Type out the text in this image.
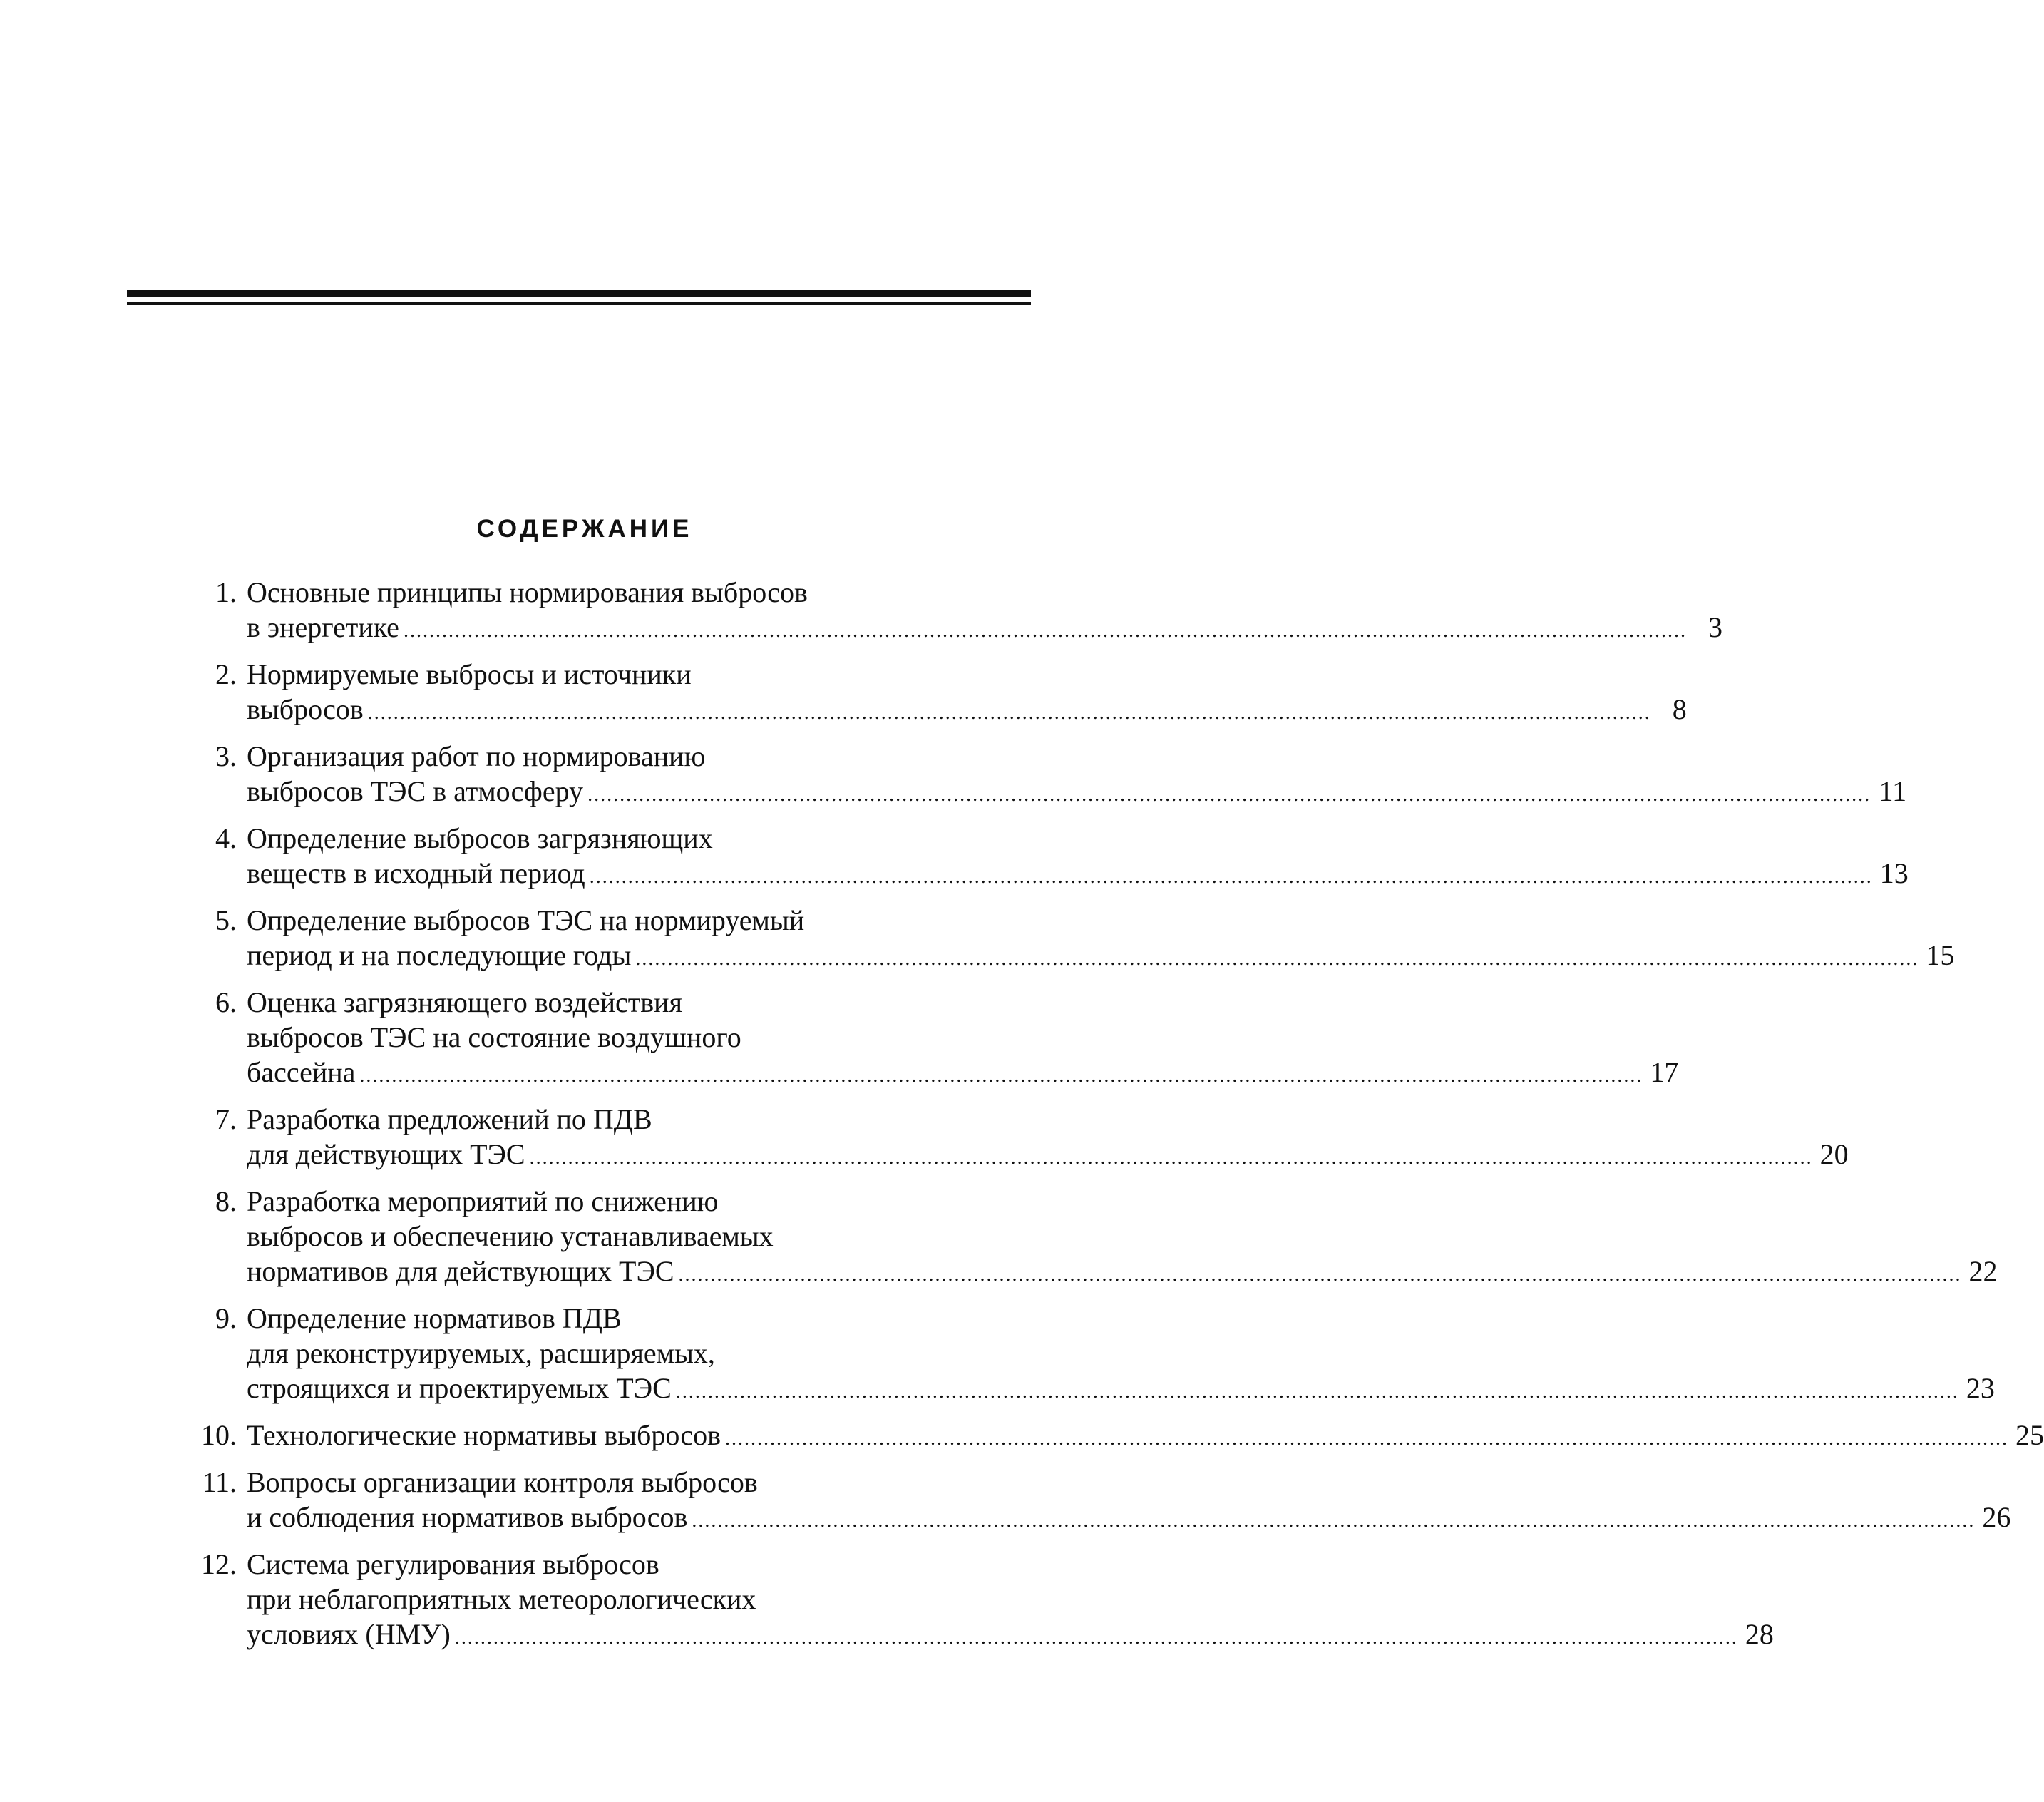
СОДЕРЖАНИЕ
1. Основные принципы нормирования выбросов
в энергетике ........................................................................................................................................................................................................ 3
2. Нормируемые выбросы и источники
выбросов ........................................................................................................................................................................................................ 8
3. Организация работ по нормированию
выбросов ТЭС в атмосферу ........................................................................................................................................................................................................ 11
4. Определение выбросов загрязняющих
веществ в исходный период ........................................................................................................................................................................................................ 13
5. Определение выбросов ТЭС на нормируемый
период и на последующие годы ........................................................................................................................................................................................................ 15
6. Оценка загрязняющего воздействия
выбросов ТЭС на состояние воздушного
бассейна ........................................................................................................................................................................................................ 17
7. Разработка предложений по ПДВ
для действующих ТЭС ........................................................................................................................................................................................................ 20
8. Разработка мероприятий по снижению
выбросов и обеспечению устанавливаемых
нормативов для действующих ТЭС ........................................................................................................................................................................................................ 22
9. Определение нормативов ПДВ
для реконструируемых, расширяемых,
строящихся и проектируемых ТЭС ........................................................................................................................................................................................................ 23
10. Технологические нормативы выбросов ........................................................................................................................................................................................................ 25
11. Вопросы организации контроля выбросов
и соблюдения нормативов выбросов ........................................................................................................................................................................................................ 26
12. Система регулирования выбросов
при неблагоприятных метеорологических
условиях (НМУ) ........................................................................................................................................................................................................ 28
